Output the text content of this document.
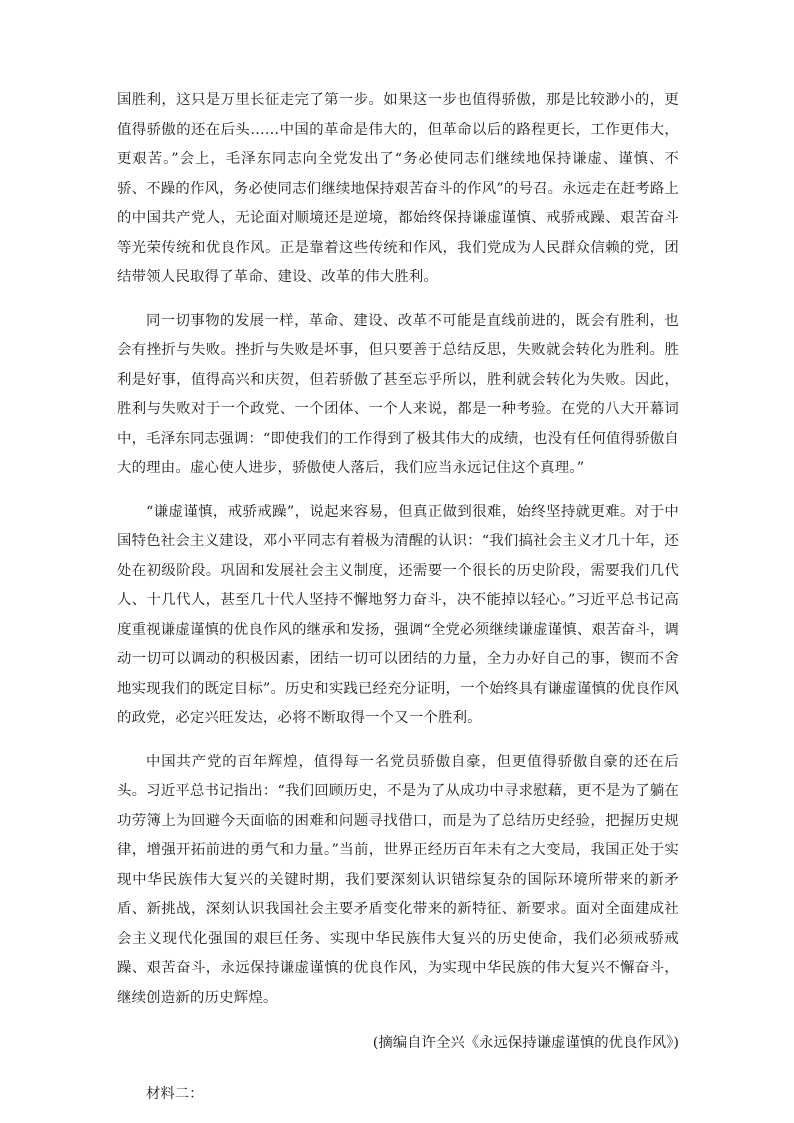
国胜利，这只是万里长征走完了第一步。如果这一步也值得骄傲，那是比较渺小的，更值得骄傲的还在后头……中国的革命是伟大的，但革命以后的路程更长，工作更伟大，更艰苦。”会上，毛泽东同志向全党发出了“务必使同志们继续地保持谦虚、谨慎、不骄、不躁的作风，务必使同志们继续地保持艰苦奋斗的作风”的号召。永远走在赶考路上的中国共产党人，无论面对顺境还是逆境，都始终保持谦虚谨慎、戒骄戒躁、艰苦奋斗等光荣传统和优良作风。正是靠着这些传统和作风，我们党成为人民群众信赖的党，团结带领人民取得了革命、建设、改革的伟大胜利。

同一切事物的发展一样，革命、建设、改革不可能是直线前进的，既会有胜利，也会有挫折与失败。挫折与失败是坏事，但只要善于总结反思，失败就会转化为胜利。胜利是好事，值得高兴和庆贺，但若骄傲了甚至忘乎所以，胜利就会转化为失败。因此，胜利与失败对于一个政党、一个团体、一个人来说，都是一种考验。在党的八大开幕词中，毛泽东同志强调：“即使我们的工作得到了极其伟大的成绩，也没有任何值得骄傲自大的理由。虚心使人进步，骄傲使人落后，我们应当永远记住这个真理。”

“谦虚谨慎，戒骄戒躁”，说起来容易，但真正做到很难，始终坚持就更难。对于中国特色社会主义建设，邓小平同志有着极为清醒的认识：“我们搞社会主义才几十年，还处在初级阶段。巩固和发展社会主义制度，还需要一个很长的历史阶段，需要我们几代人、十几代人，甚至几十代人坚持不懈地努力奋斗，决不能掉以轻心。”习近平总书记高度重视谦虚谨慎的优良作风的继承和发扬，强调“全党必须继续谦虚谨慎、艰苦奋斗，调动一切可以调动的积极因素，团结一切可以团结的力量，全力办好自己的事，锲而不舍地实现我们的既定目标”。历史和实践已经充分证明，一个始终具有谦虚谨慎的优良作风的政党，必定兴旺发达，必将不断取得一个又一个胜利。

中国共产党的百年辉煌，值得每一名党员骄傲自豪，但更值得骄傲自豪的还在后头。习近平总书记指出：“我们回顾历史，不是为了从成功中寻求慰藉，更不是为了躺在功劳簿上为回避今天面临的困难和问题寻找借口，而是为了总结历史经验，把握历史规律，增强开拓前进的勇气和力量。”当前，世界正经历百年未有之大变局，我国正处于实现中华民族伟大复兴的关键时期，我们要深刻认识错综复杂的国际环境所带来的新矛盾、新挑战，深刻认识我国社会主要矛盾变化带来的新特征、新要求。面对全面建成社会主义现代化强国的艰巨任务、实现中华民族伟大复兴的历史使命，我们必须戒骄戒躁、艰苦奋斗，永远保持谦虚谨慎的优良作风，为实现中华民族的伟大复兴不懈奋斗，继续创造新的历史辉煌。

(摘编自许全兴《永远保持谦虚谨慎的优良作风》)

材料二：
